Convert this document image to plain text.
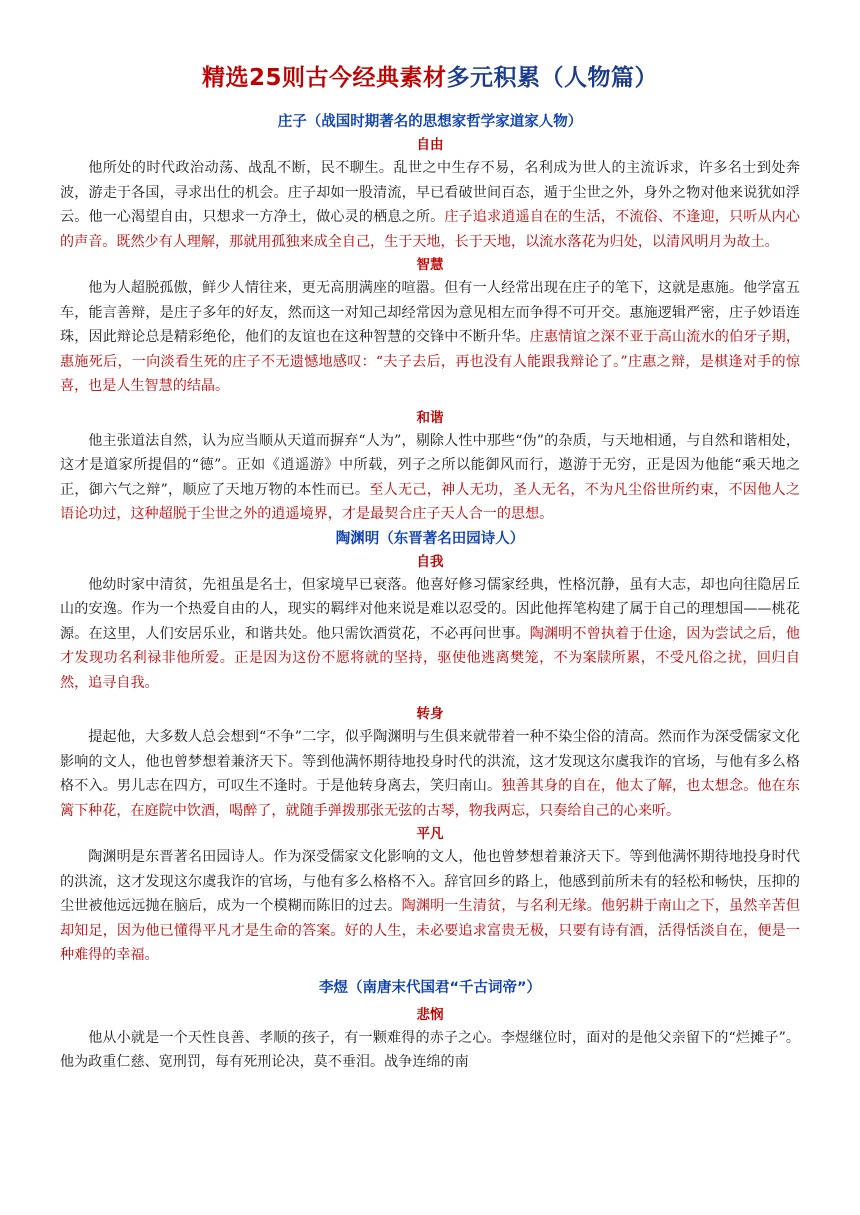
精选25则古今经典素材多元积累（人物篇）

庄子（战国时期著名的思想家哲学家道家人物）

自由

他所处的时代政治动荡、战乱不断，民不聊生。乱世之中生存不易，名利成为世人的主流诉求，许多名士到处奔波，游走于各国，寻求出仕的机会。庄子却如一股清流，早已看破世间百态，遁于尘世之外，身外之物对他来说犹如浮云。他一心渴望自由，只想求一方净土，做心灵的栖息之所。庄子追求逍遥自在的生活，不流俗、不逢迎，只听从内心的声音。既然少有人理解，那就用孤独来成全自己，生于天地，长于天地，以流水落花为归处，以清风明月为故土。

智慧

他为人超脱孤傲，鲜少人情往来，更无高朋满座的喧嚣。但有一人经常出现在庄子的笔下，这就是惠施。他学富五车，能言善辩，是庄子多年的好友，然而这一对知己却经常因为意见相左而争得不可开交。惠施逻辑严密，庄子妙语连珠，因此辩论总是精彩绝伦，他们的友谊也在这种智慧的交锋中不断升华。庄惠情谊之深不亚于高山流水的伯牙子期，惠施死后，一向淡看生死的庄子不无遗憾地感叹：“夫子去后，再也没有人能跟我辩论了。”庄惠之辩，是棋逢对手的惊喜，也是人生智慧的结晶。

和谐

他主张道法自然，认为应当顺从天道而摒弃“人为”，剔除人性中那些“伪”的杂质，与天地相通，与自然和谐相处，这才是道家所提倡的“德”。正如《逍遥游》中所载，列子之所以能御风而行，遨游于无穷，正是因为他能“乘天地之正，御六气之辩”，顺应了天地万物的本性而已。至人无己，神人无功，圣人无名，不为凡尘俗世所约束，不因他人之语论功过，这种超脱于尘世之外的逍遥境界，才是最契合庄子天人合一的思想。

陶渊明（东晋著名田园诗人）

自我

他幼时家中清贫，先祖虽是名士，但家境早已衰落。他喜好修习儒家经典，性格沉静，虽有大志，却也向往隐居丘山的安逸。作为一个热爱自由的人，现实的羁绊对他来说是难以忍受的。因此他挥笔构建了属于自己的理想国——桃花源。在这里，人们安居乐业，和谐共处。他只需饮酒赏花，不必再问世事。陶渊明不曾执着于仕途，因为尝试之后，他才发现功名利禄非他所爱。正是因为这份不愿将就的坚持，驱使他逃离樊笼，不为案牍所累，不受凡俗之扰，回归自然，追寻自我。

转身

提起他，大多数人总会想到“不争”二字，似乎陶渊明与生俱来就带着一种不染尘俗的清高。然而作为深受儒家文化影响的文人，他也曾梦想着兼济天下。等到他满怀期待地投身时代的洪流，这才发现这尔虞我诈的官场，与他有多么格格不入。男儿志在四方，可叹生不逢时。于是他转身离去，笑归南山。独善其身的自在，他太了解，也太想念。他在东篱下种花，在庭院中饮酒，喝醉了，就随手弹拨那张无弦的古琴，物我两忘，只奏给自己的心来听。

平凡

陶渊明是东晋著名田园诗人。作为深受儒家文化影响的文人，他也曾梦想着兼济天下。等到他满怀期待地投身时代的洪流，这才发现这尔虞我诈的官场，与他有多么格格不入。辞官回乡的路上，他感到前所未有的轻松和畅快，压抑的尘世被他远远抛在脑后，成为一个模糊而陈旧的过去。陶渊明一生清贫，与名利无缘。他躬耕于南山之下，虽然辛苦但却知足，因为他已懂得平凡才是生命的答案。好的人生，未必要追求富贵无极，只要有诗有酒，活得恬淡自在，便是一种难得的幸福。

李煜（南唐末代国君“千古词帝”）

悲悯

他从小就是一个天性良善、孝顺的孩子，有一颗难得的赤子之心。李煜继位时，面对的是他父亲留下的“烂摊子”。他为政重仁慈、宽刑罚，每有死刑论决，莫不垂泪。战争连绵的南
